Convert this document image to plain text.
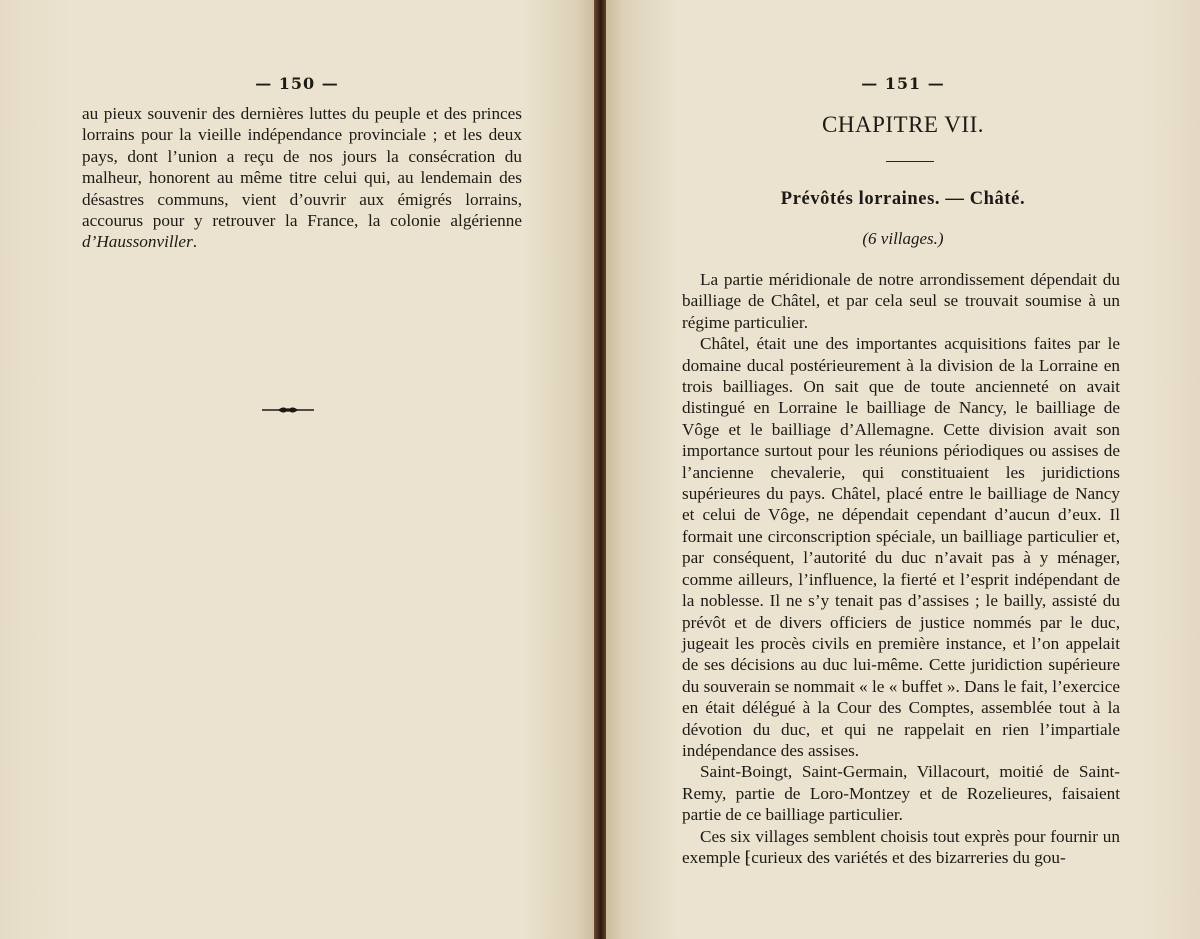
— 150 —

au pieux souvenir des dernières luttes du peuple et des princes lorrains pour la vieille indépendance provinciale ; et les deux pays, dont l’union a reçu de nos jours la consécration du malheur, honorent au même titre celui qui, au lendemain des désastres communs, vient d’ouvrir aux émigrés lorrains, accourus pour y retrouver la France, la colonie algérienne d’Haussonviller.

— 151 —
CHAPITRE VII.
Prévôtés lorraines. — Châté.
(6 villages.)

La partie méridionale de notre arrondissement dépendait du bailliage de Châtel, et par cela seul se trouvait soumise à un régime particulier.

Châtel, était une des importantes acquisitions faites par le domaine ducal postérieurement à la division de la Lorraine en trois bailliages. On sait que de toute ancienneté on avait distingué en Lorraine le bailliage de Nancy, le bailliage de Vôge et le bailliage d’Allemagne. Cette division avait son importance surtout pour les réunions périodiques ou assises de l’ancienne chevalerie, qui constituaient les juridictions supérieures du pays. Châtel, placé entre le bailliage de Nancy et celui de Vôge, ne dépendait cependant d’aucun d’eux. Il formait une circonscription spéciale, un bailliage particulier et, par conséquent, l’autorité du duc n’avait pas à y ménager, comme ailleurs, l’influence, la fierté et l’esprit indépendant de la noblesse. Il ne s’y tenait pas d’assises ; le bailly, assisté du prévôt et de divers officiers de justice nommés par le duc, jugeait les procès civils en première instance, et l’on appelait de ses décisions au duc lui-même. Cette juridiction supérieure du souverain se nommait « le « buffet ». Dans le fait, l’exercice en était délégué à la Cour des Comptes, assemblée tout à la dévotion du duc, et qui ne rappelait en rien l’impartiale indépendance des assises.

Saint-Boingt, Saint-Germain, Villacourt, moitié de Saint-Remy, partie de Loro-Montzey et de Rozelieures, faisaient partie de ce bailliage particulier.

Ces six villages semblent choisis tout exprès pour fournir un exemple ⁅curieux des variétés et des bizarreries du gou-
